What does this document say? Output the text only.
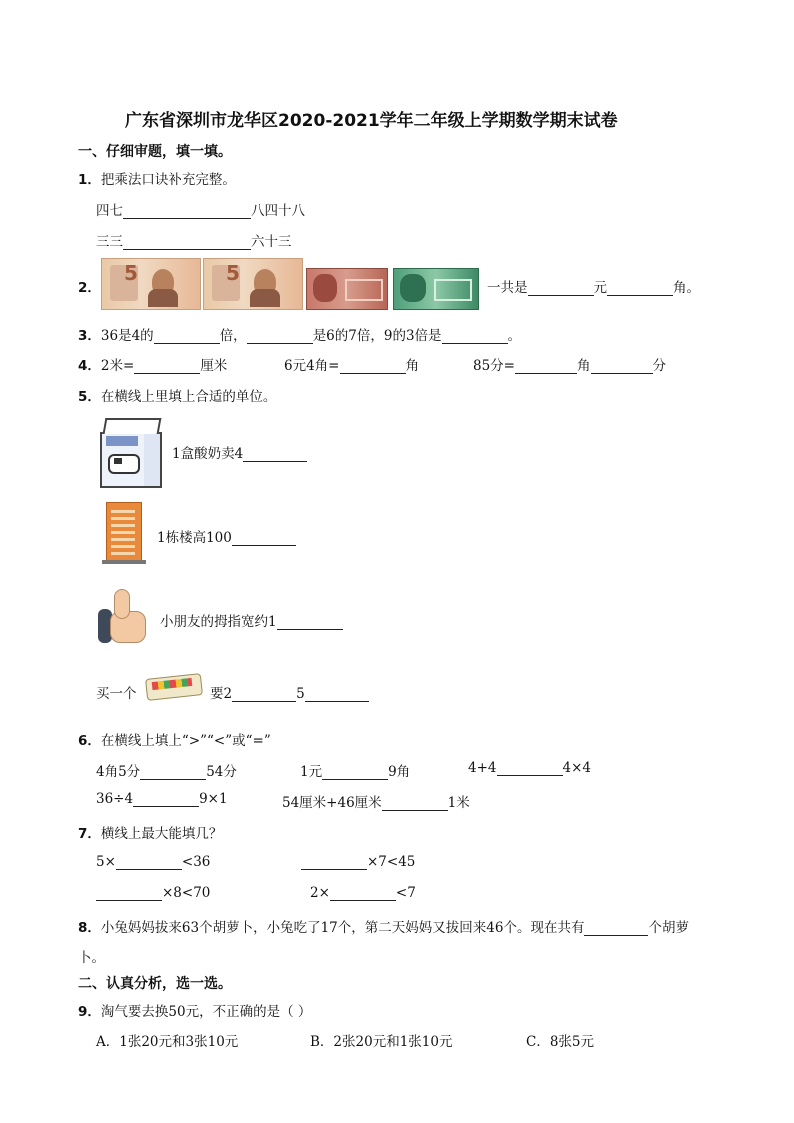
广东省深圳市龙华区2020-2021学年二年级上学期数学期末试卷
一、仔细审题，填一填。
1．把乘法口诀补充完整。
四七	八四十八
三三	六十三
2．
5	5
一共是	元	角。
3．36是4的	倍，	是6的7倍，9的3倍是	。
4．2米=	厘米	6元4角=	角	85分=	角	分
5．在横线上里填上合适的单位。
1盒酸奶卖4
1栋楼高100
小朋友的拇指宽约1
买一个	要2	5
6．在横线上填上“>”“<”或“=”
4角5分	54分	1元	9角	4+4	4×4
36÷4	9×1	54厘米+46厘米	1米
7．横线上最大能填几？
5×	<36	×7<45
×8<70	2×	<7
8．小兔妈妈拔来63个胡萝卜，小兔吃了17个，第二天妈妈又拔回来46个。现在共有	个胡萝
卜。
二、认真分析，选一选。
9．淘气要去换50元，不正确的是（ ）
A．1张20元和3张10元	B．2张20元和1张10元	C．8张5元
